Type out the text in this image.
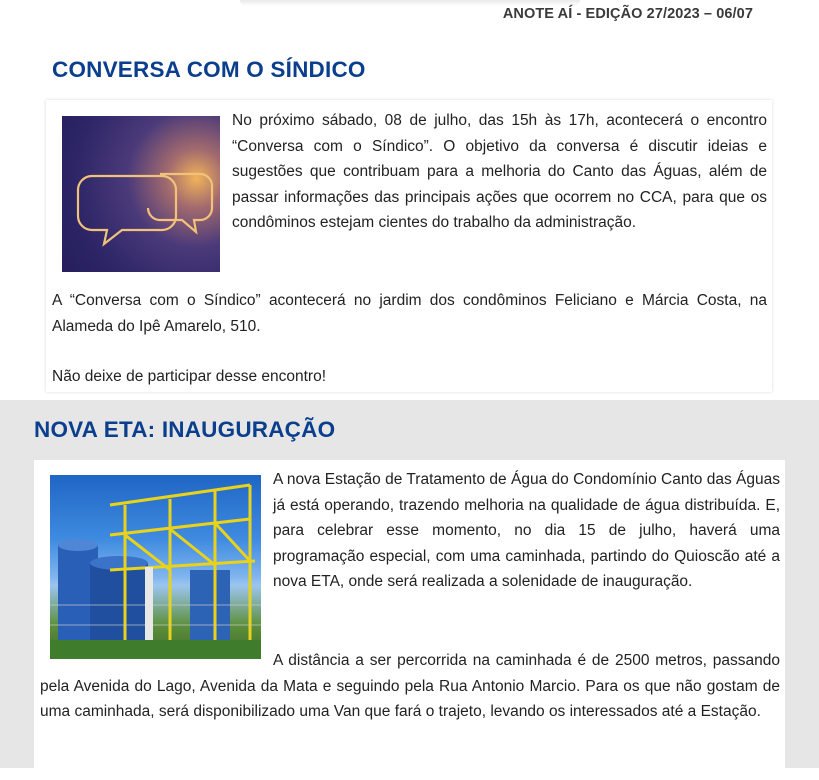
ANOTE AÍ - EDIÇÃO 27/2023 – 06/07
CONVERSA COM O SÍNDICO

No próximo sábado, 08 de julho, das 15h às 17h, acontecerá o encontro “Conversa com o Síndico”. O objetivo da conversa é discutir ideias e sugestões que contribuam para a melhoria do Canto das Águas, além de passar informações das principais ações que ocorrem no CCA, para que os condôminos estejam cientes do trabalho da administração.

A “Conversa com o Síndico” acontecerá no jardim dos condôminos Feliciano e Márcia Costa, na Alameda do Ipê Amarelo, 510.

Não deixe de participar desse encontro!

NOVA ETA: INAUGURAÇÃO

A nova Estação de Tratamento de Água do Condomínio Canto das Águas já está operando, trazendo melhoria na qualidade de água distribuída. E, para celebrar esse momento, no dia 15 de julho, haverá uma programação especial, com uma caminhada, partindo do Quioscão até a nova ETA, onde será realizada a solenidade de inauguração.

A distância a ser percorrida na caminhada é de 2500 metros, passando pela Avenida do Lago, Avenida da Mata e seguindo pela Rua Antonio Marcio. Para os que não gostam de uma caminhada, será disponibilizado uma Van que fará o trajeto, levando os interessados até a Estação.
